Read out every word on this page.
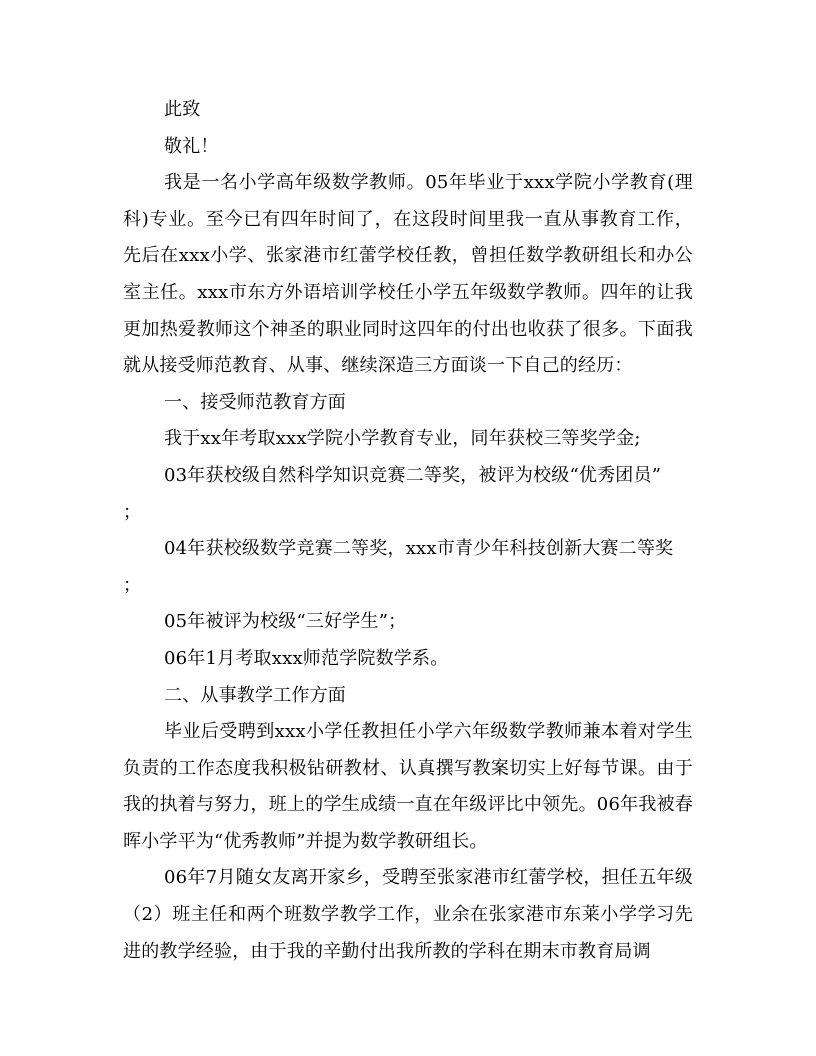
此致

敬礼！

我是一名小学高年级数学教师。05年毕业于xxx学院小学教育(理科)专业。至今已有四年时间了，在这段时间里我一直从事教育工作，先后在xxx小学、张家港市红蕾学校任教，曾担任数学教研组长和办公室主任。xxx市东方外语培训学校任小学五年级数学教师。四年的让我更加热爱教师这个神圣的职业同时这四年的付出也收获了很多。下面我就从接受师范教育、从事、继续深造三方面谈一下自己的经历：

一、接受师范教育方面

我于xx年考取xxx学院小学教育专业，同年获校三等奖学金;

03年获校级自然科学知识竞赛二等奖，被评为校级“优秀团员”

；

04年获校级数学竞赛二等奖，xxx市青少年科技创新大赛二等奖

；

05年被评为校级“三好学生”；

06年1月考取xxx师范学院数学系。

二、从事教学工作方面

毕业后受聘到xxx小学任教担任小学六年级数学教师兼本着对学生负责的工作态度我积极钻研教材、认真撰写教案切实上好每节课。由于我的执着与努力，班上的学生成绩一直在年级评比中领先。06年我被春晖小学平为“优秀教师”并提为数学教研组长。

06年7月随女友离开家乡，受聘至张家港市红蕾学校，担任五年级（2）班主任和两个班数学教学工作，业余在张家港市东莱小学学习先进的教学经验，由于我的辛勤付出我所教的学科在期末市教育局调
